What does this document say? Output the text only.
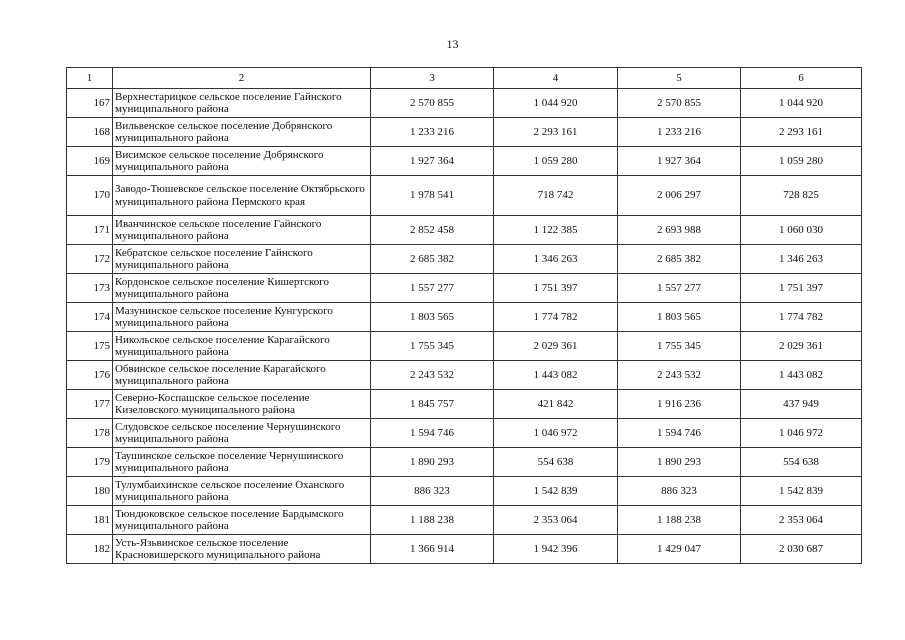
13
1	2	3	4	5	6
167	Верхнестарицкое сельское поселение Гайнского муниципального района	2 570 855	1 044 920	2 570 855	1 044 920
168	Вильвенское сельское поселение Добрянского муниципального района	1 233 216	2 293 161	1 233 216	2 293 161
169	Висимское сельское поселение Добрянского муниципального района	1 927 364	1 059 280	1 927 364	1 059 280
170	Заводо-Тюшевское сельское поселение Октябрьского муниципального района Пермского края	1 978 541	718 742	2 006 297	728 825
171	Иванчинское сельское поселение Гайнского муниципального района	2 852 458	1 122 385	2 693 988	1 060 030
172	Кебратское сельское поселение Гайнского муниципального района	2 685 382	1 346 263	2 685 382	1 346 263
173	Кордонское сельское поселение Кишертского муниципального района	1 557 277	1 751 397	1 557 277	1 751 397
174	Мазунинское сельское поселение Кунгурского муниципального района	1 803 565	1 774 782	1 803 565	1 774 782
175	Никольское сельское поселение Карагайского муниципального района	1 755 345	2 029 361	1 755 345	2 029 361
176	Обвинское сельское поселение Карагайского муниципального района	2 243 532	1 443 082	2 243 532	1 443 082
177	Северно-Коспашское сельское поселение Кизеловского муниципального района	1 845 757	421 842	1 916 236	437 949
178	Слудовское сельское поселение Чернушинского муниципального района	1 594 746	1 046 972	1 594 746	1 046 972
179	Таушинское сельское поселение Чернушинского муниципального района	1 890 293	554 638	1 890 293	554 638
180	Тулумбаихинское сельское поселение Оханского муниципального района	886 323	1 542 839	886 323	1 542 839
181	Тюндюковское сельское поселение Бардымского муниципального района	1 188 238	2 353 064	1 188 238	2 353 064
182	Усть-Язьвинское сельское поселение Красновишерского муниципального района	1 366 914	1 942 396	1 429 047	2 030 687
